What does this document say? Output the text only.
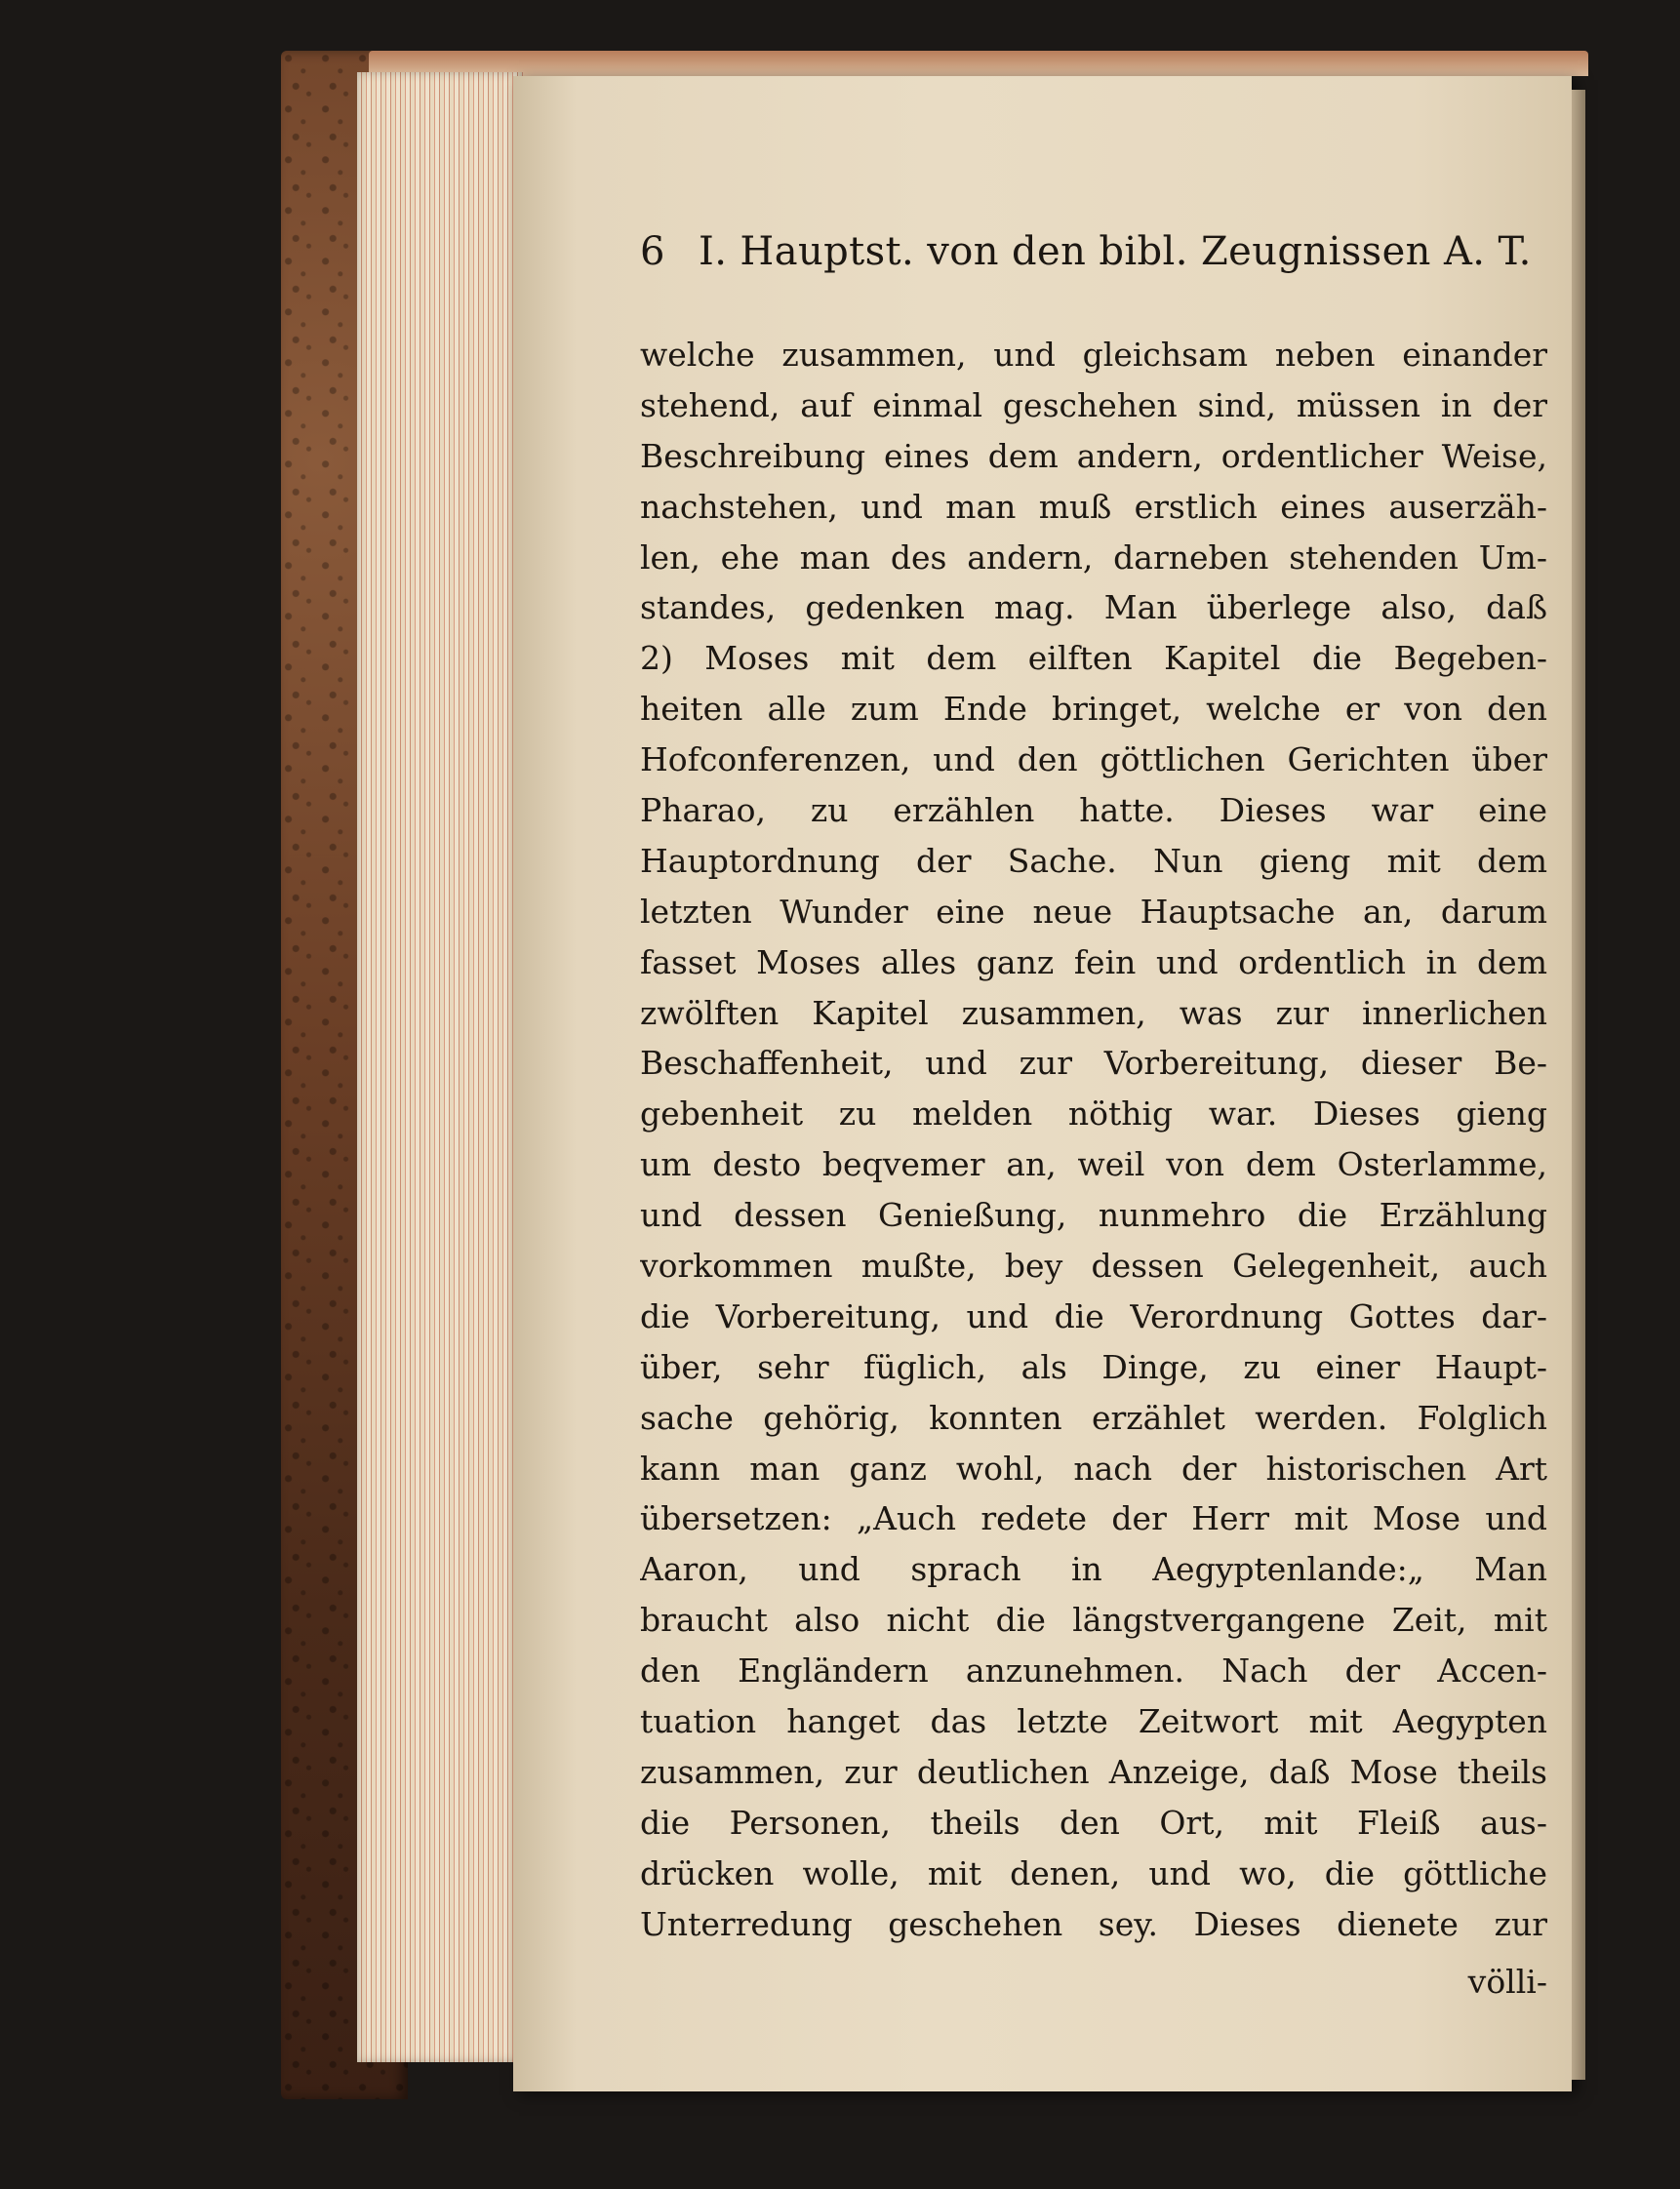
6 I. Hauptst. von den bibl. Zeugnissen A. T.
welche zusammen, und gleichsam neben einander
stehend, auf einmal geschehen sind, müssen in der
Beschreibung eines dem andern, ordentlicher Weise,
nachstehen, und man muß erstlich eines auserzäh-
len, ehe man des andern, darneben stehenden Um-
standes, gedenken mag. Man überlege also, daß
2) Moses mit dem eilften Kapitel die Begeben-
heiten alle zum Ende bringet, welche er von den
Hofconferenzen, und den göttlichen Gerichten über
Pharao, zu erzählen hatte. Dieses war eine
Hauptordnung der Sache. Nun gieng mit dem
letzten Wunder eine neue Hauptsache an, darum
fasset Moses alles ganz fein und ordentlich in dem
zwölften Kapitel zusammen, was zur innerlichen
Beschaffenheit, und zur Vorbereitung, dieser Be-
gebenheit zu melden nöthig war. Dieses gieng
um desto beqvemer an, weil von dem Osterlamme,
und dessen Genießung, nunmehro die Erzählung
vorkommen mußte, bey dessen Gelegenheit, auch
die Vorbereitung, und die Verordnung Gottes dar-
über, sehr füglich, als Dinge, zu einer Haupt-
sache gehörig, konnten erzählet werden. Folglich
kann man ganz wohl, nach der historischen Art
übersetzen: „Auch redete der Herr mit Mose und
Aaron, und sprach in Aegyptenlande:„ Man
braucht also nicht die längstvergangene Zeit, mit
den Engländern anzunehmen. Nach der Accen-
tuation hanget das letzte Zeitwort mit Aegypten
zusammen, zur deutlichen Anzeige, daß Mose theils
die Personen, theils den Ort, mit Fleiß aus-
drücken wolle, mit denen, und wo, die göttliche
Unterredung geschehen sey. Dieses dienete zur
völli-
